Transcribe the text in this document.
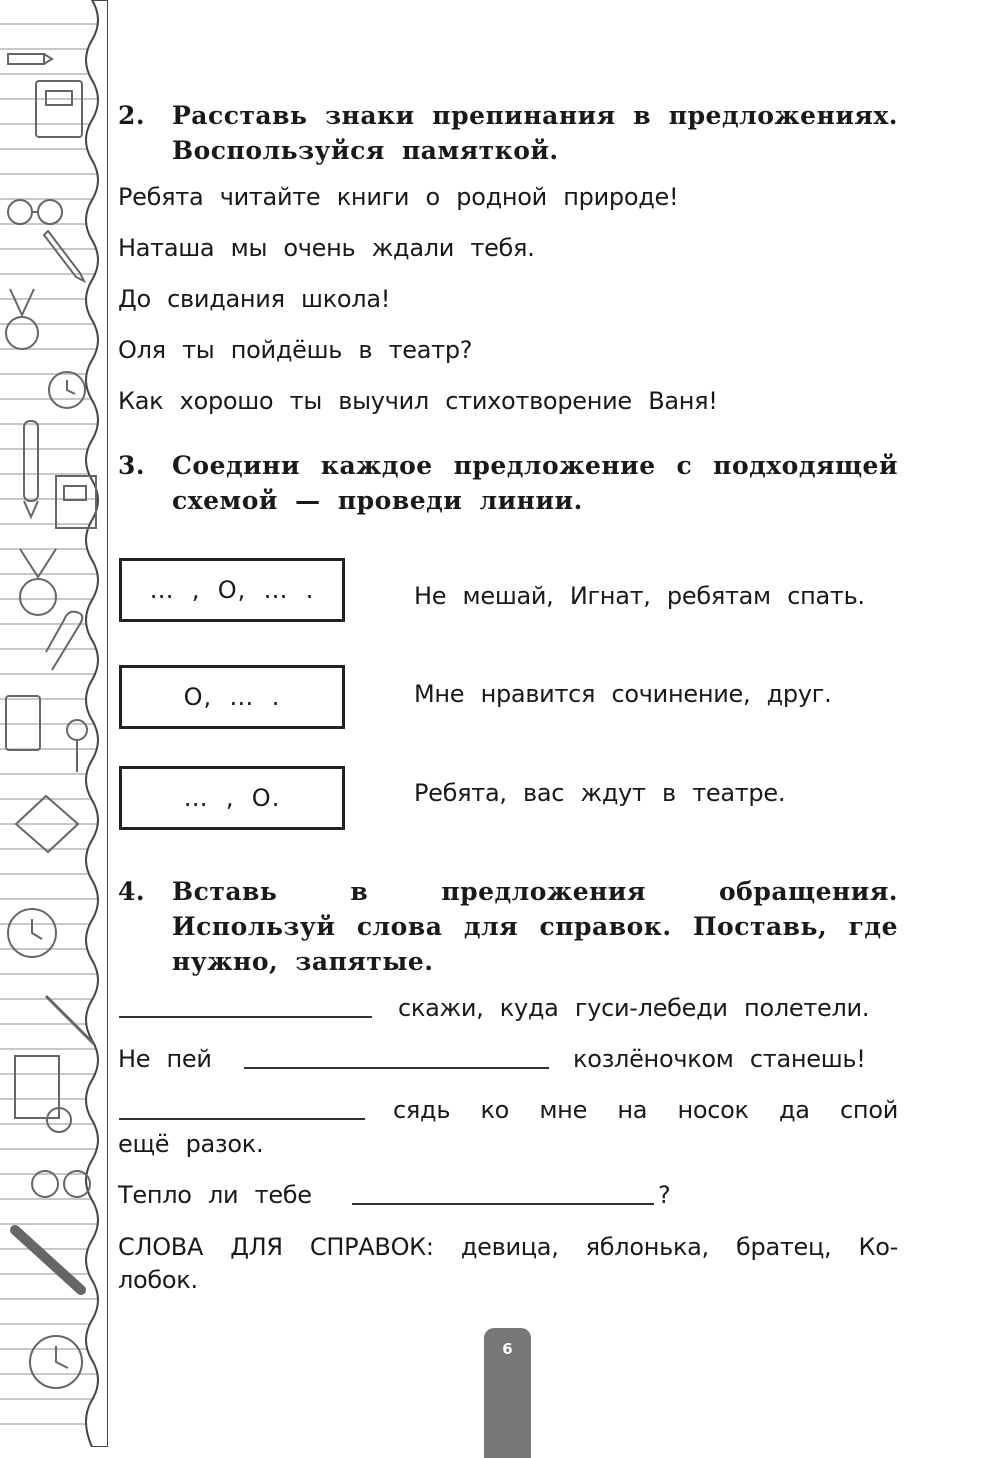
2. Расставь знаки препинания в предложениях. Воспользуйся памяткой.
Ребята читайте книги о родной природе!
Наташа мы очень ждали тебя.
До свидания школа!
Оля ты пойдёшь в театр?
Как хорошо ты выучил стихотворение Ваня!
3. Соедини каждое предложение с подходящей схемой — проведи линии.
…  ,  О,  …  .
О,  …  .
…  ,  О.
Не мешай, Игнат, ребятам спать.
Мне нравится сочинение, друг.
Ребята, вас ждут в театре.
4. Вставь в предложения обращения. Используй слова для справок. Поставь, где нужно, запятые.
скажи, куда гуси-лебеди полетели.
Не пей	козлёночком станешь!
сядь ко мне на носок да спой
ещё разок.
Тепло ли тебе	?
СЛОВА ДЛЯ СПРАВОК: девица, яблонька, братец, Ко-
лобок.
6
